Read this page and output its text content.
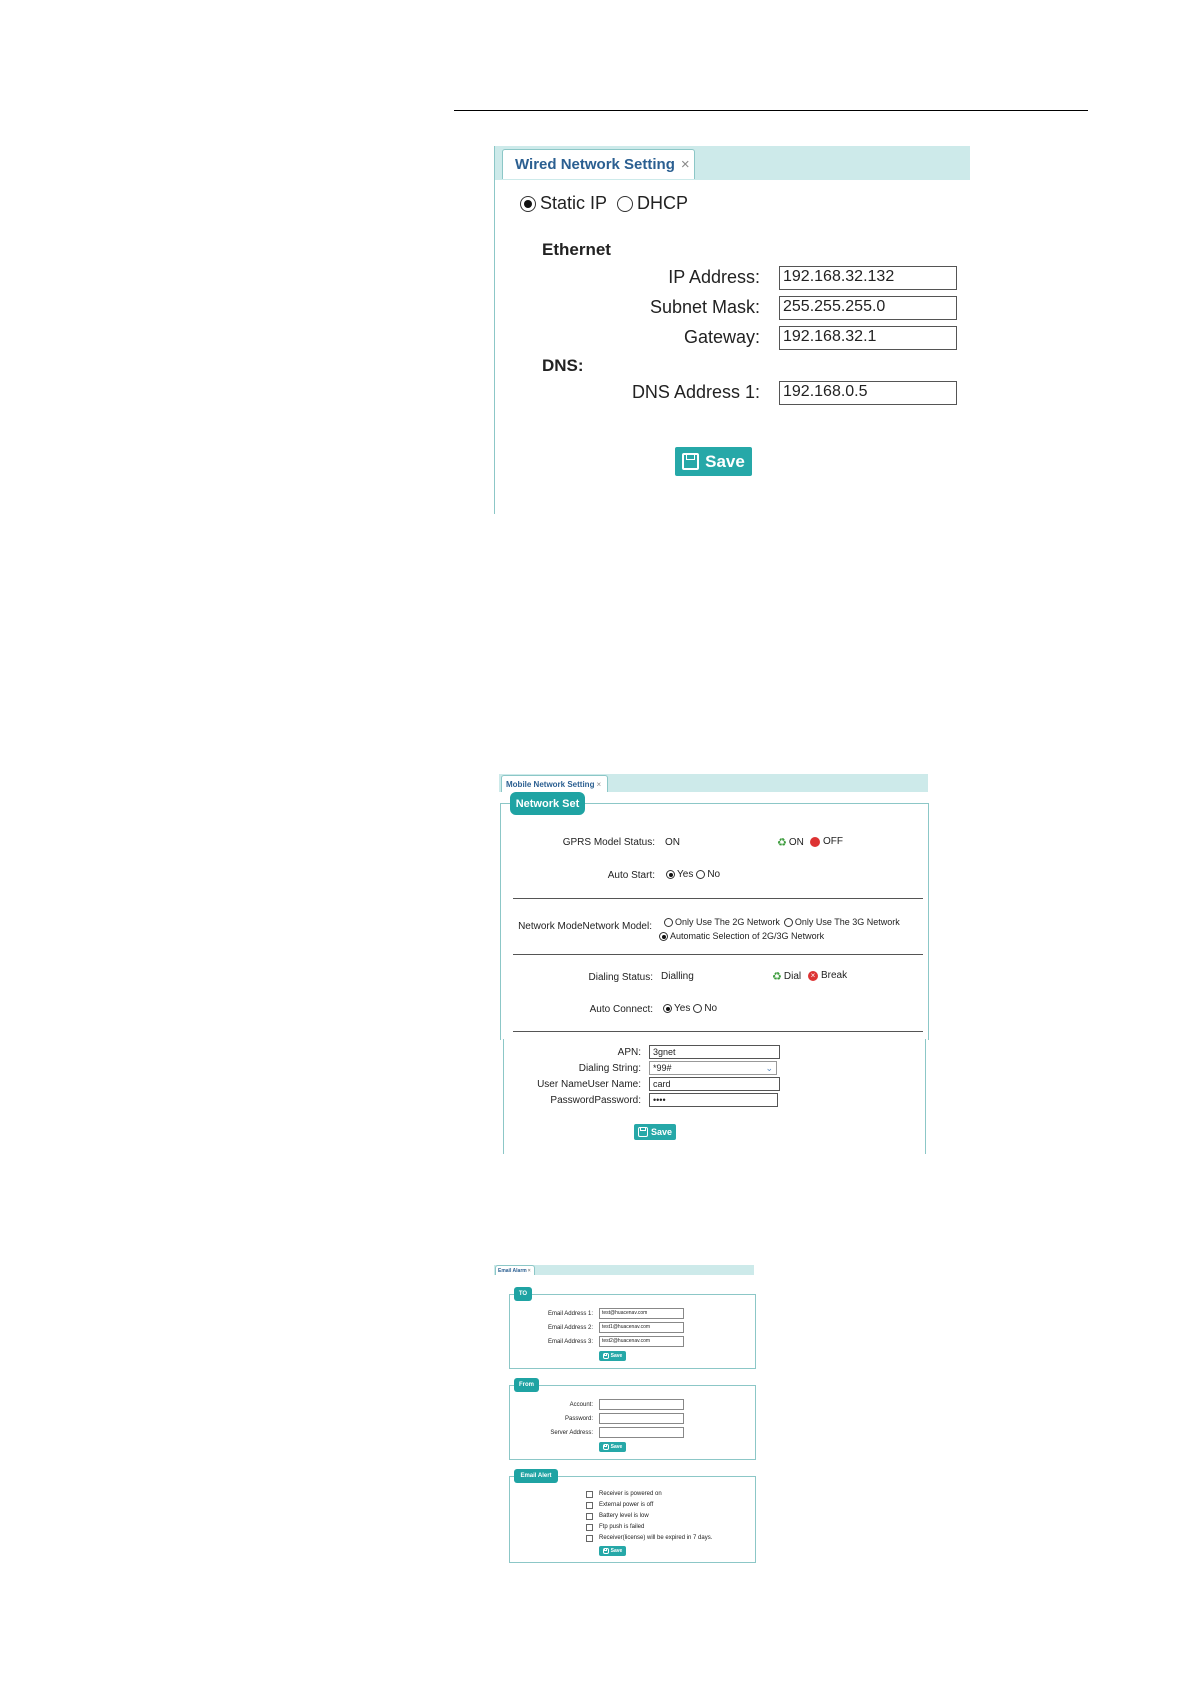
Wired Network Setting ×
Static IP DHCP
Ethernet
IP Address: 192.168.32.132
Subnet Mask: 255.255.255.0
Gateway: 192.168.32.1
DNS:
DNS Address 1: 192.168.0.5
Save
Mobile Network Setting ×
Network Set
GPRS Model Status: ON	♻ ON OFF
Auto Start: Yes No
Network ModeNetwork Model:	Only Use The 2G Network Only Use The 3G Network
Automatic Selection of 2G/3G Network
Dialing Status: Dialling	♻ Dial	× Break
Auto Connect: Yes No
APN:	3gnet
Dialing String:	*99#	⌄
User NameUser Name:	card
PasswordPassword:	••••
Save
Email Alarm ×
TO
Email Address 1:	test@huacenav.com
Email Address 2:	test1@huacenav.com
Email Address 3:	test2@huacenav.com
Save
From
Account:
Password:
Server Address:
Save
Email Alert
Receiver is powered on
External power is off
Battery level is low
Ftp push is failed
Receiver(license) will be expired in 7 days.
Save
